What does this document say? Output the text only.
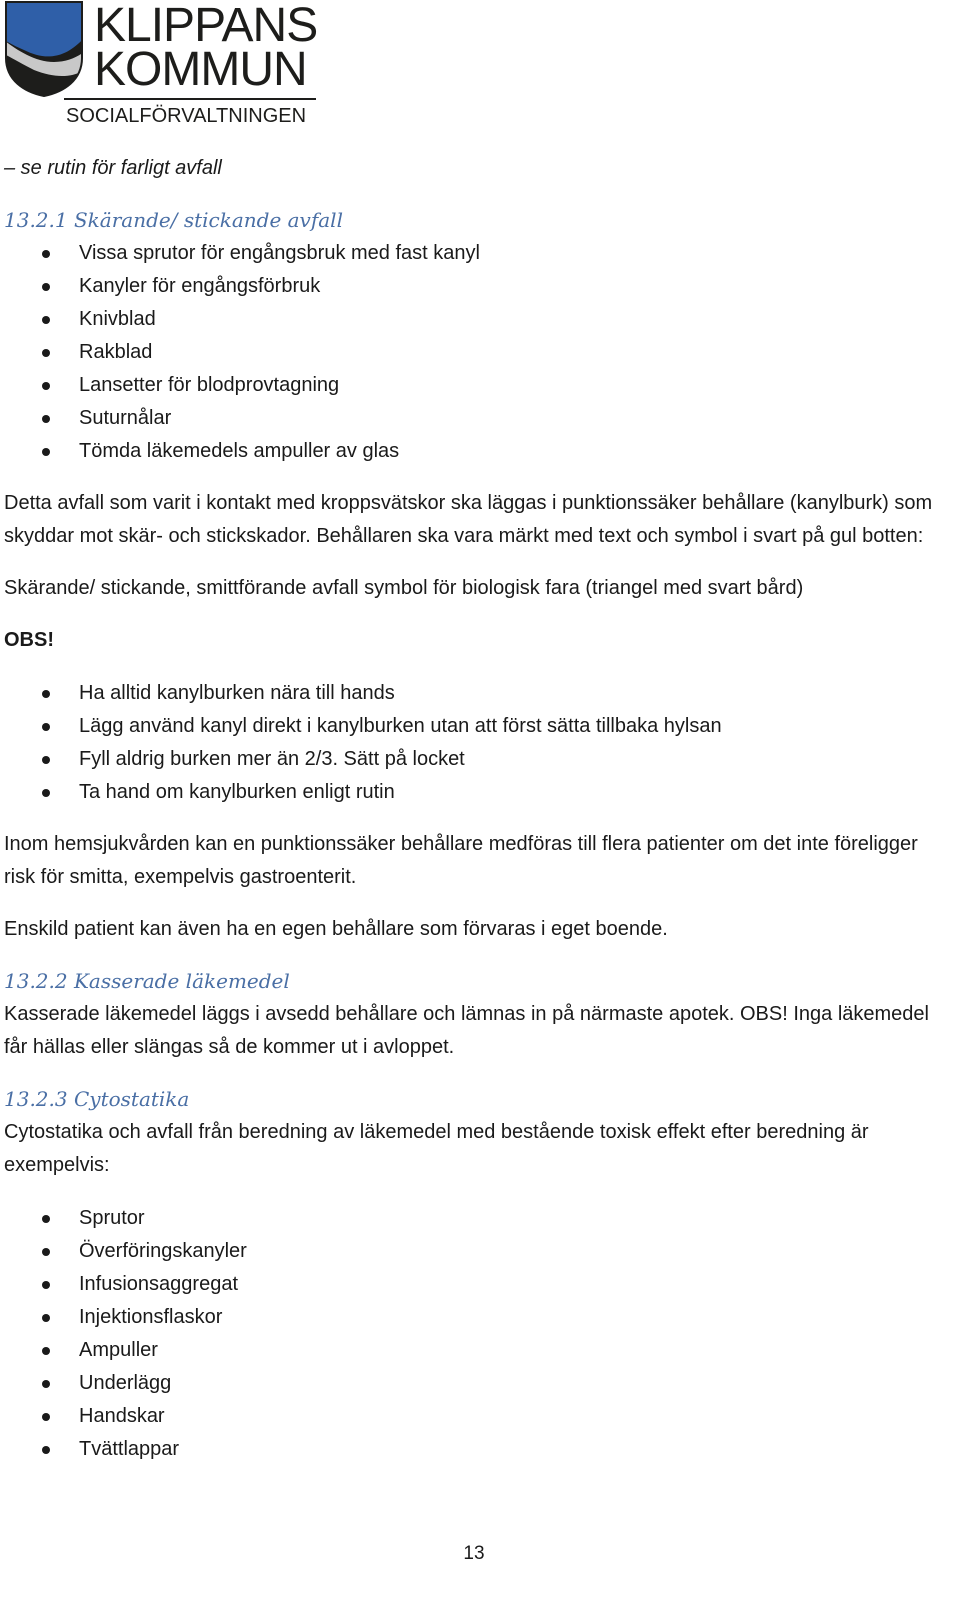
KLIPPANS
KOMMUN
SOCIALFÖRVALTNINGEN

– se rutin för farligt avfall

13.2.1 Skärande/ stickande avfall

Vissa sprutor för engångsbruk med fast kanyl
Kanyler för engångsförbruk
Knivblad
Rakblad
Lansetter för blodprovtagning
Suturnålar
Tömda läkemedels ampuller av glas

Detta avfall som varit i kontakt med kroppsvätskor ska läggas i punktionssäker behållare (kanylburk) som skyddar mot skär- och stickskador. Behållaren ska vara märkt med text och symbol i svart på gul botten:

Skärande/ stickande, smittförande avfall symbol för biologisk fara (triangel med svart bård)

OBS!

Ha alltid kanylburken nära till hands
Lägg använd kanyl direkt i kanylburken utan att först sätta tillbaka hylsan
Fyll aldrig burken mer än 2/3. Sätt på locket
Ta hand om kanylburken enligt rutin

Inom hemsjukvården kan en punktionssäker behållare medföras till flera patienter om det inte föreligger risk för smitta, exempelvis gastroenterit.

Enskild patient kan även ha en egen behållare som förvaras i eget boende.

13.2.2 Kasserade läkemedel

Kasserade läkemedel läggs i avsedd behållare och lämnas in på närmaste apotek. OBS! Inga läkemedel får hällas eller slängas så de kommer ut i avloppet.

13.2.3 Cytostatika

Cytostatika och avfall från beredning av läkemedel med bestående toxisk effekt efter beredning är exempelvis:

Sprutor
Överföringskanyler
Infusionsaggregat
Injektionsflaskor
Ampuller
Underlägg
Handskar
Tvättlappar
13
